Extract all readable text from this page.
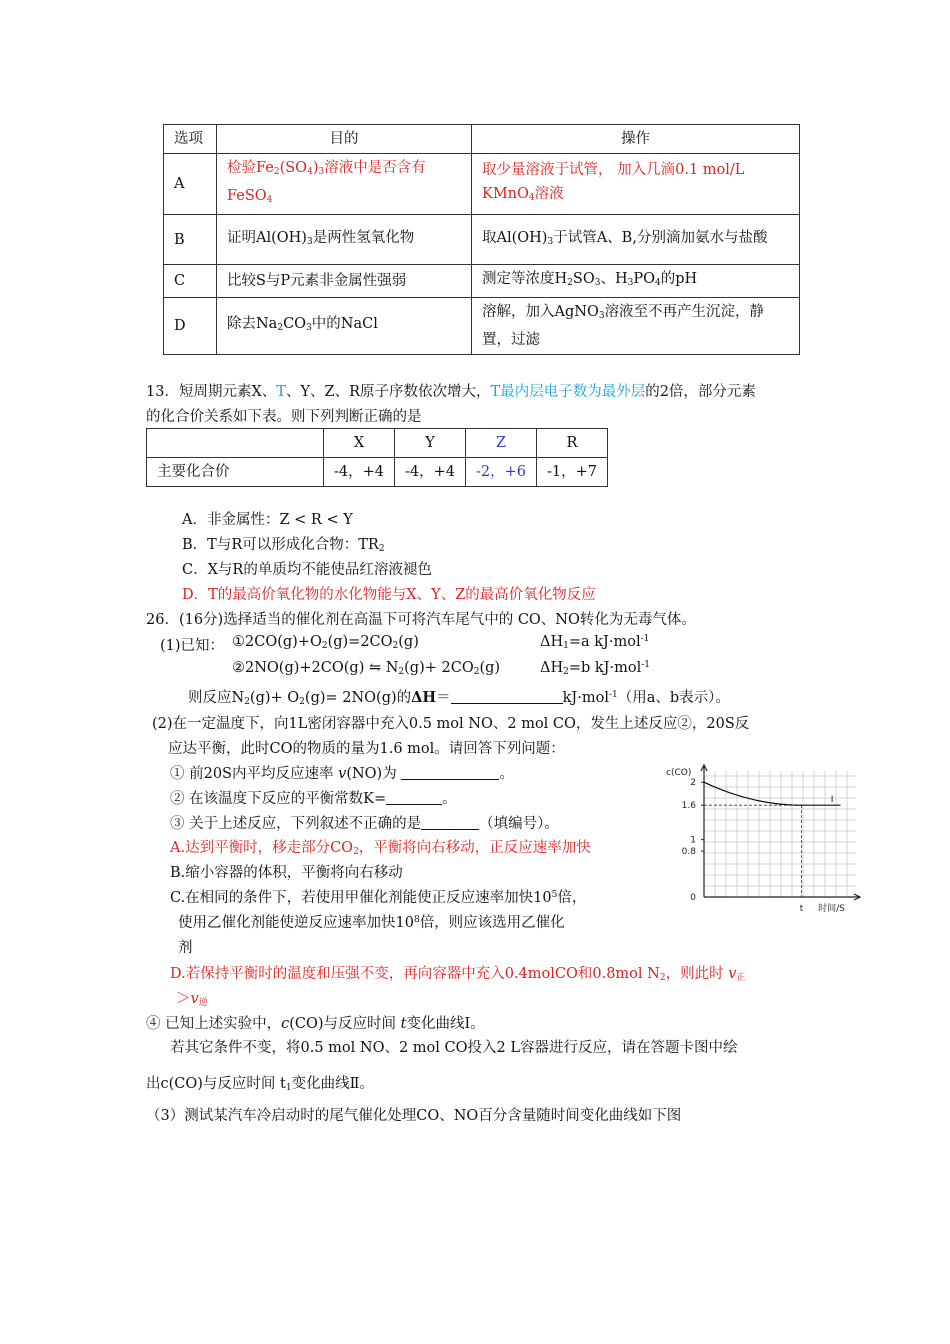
选项	目的	操作
A	检验$Fe_2(SO_4)_3$溶液中是否含有FeSO$_4$	取少量溶液于试管， 加入几滴0.1 mol/L KMnO$_4$溶液
B	证明$Al(OH)_3$是两性氢氧化物	取$Al(OH)_3$于试管A、B,分别滴加氨水与盐酸
C	比较S与P元素非金属性强弱	测定等浓度$H_2SO_3$、$H_3PO_4$的pH
D	除去$Na_2CO_3$中的NaCl	溶解，加入AgNO$_3$溶液至不再产生沉淀，静置，过滤
13．短周期元素X、T、Y、Z、R原子序数依次增大，T最内层电子数为最外层的2倍，部分元素
的化合价关系如下表。则下列判断正确的是
	X	Y	Z	R
主要化合价	-4，+4	-4，+4	-2，+6	-1，+7
A．非金属性：Z < R < Y
B．T与R可以形成化合物：$TR_2$
C．X与R的单质均不能使品红溶液褪色
D．T的最高价氧化物的水化物能与X、Y、Z的最高价氧化物反应
26．(16分)选择适当的催化剂在高温下可将汽车尾气中的 CO、NO转化为无毒气体。
(1)已知： $①2CO(g)+O_2(g)=2CO_2(g)$	$\Delta H_1=a$ kJ·mol$^{-1}$
②2NO(g)+2CO(g) ⇋ $N_2(g)+ 2CO_2(g)$	$\Delta H_2=b$ kJ·mol$^{-1}$
则反应$N_2(g)+ O_2(g)= 2NO(g)$的ΔH＝	kJ·mol$^{-1}$（用a、b表示）。
(2)在一定温度下，向1L密闭容器中充入0.5 mol NO、2 mol CO，发生上述反应②，20S反
应达平衡，此时CO的物质的量为1.6 mol。请回答下列问题：
① 前20S内平均反应速率 v(NO)为	。
② 在该温度下反应的平衡常数K=	。
③ 关于上述反应，下列叙述不正确的是	（填编号）。
A.达到平衡时，移走部分$CO_2$，平衡将向右移动，正反应速率加快
B.缩小容器的体积，平衡将向右移动
C.在相同的条件下，若使用甲催化剂能使正反应速率加快$10^5$倍，
使用乙催化剂能使逆反应速率加快$10^8$倍，则应该选用乙催化
剂
D.若保持平衡时的温度和压强不变，再向容器中充入0.4molCO和0.8mol $N_2$，则此时 $v_正$
$>v_逆$
④ 已知上述实验中，c(CO)与反应时间 t变化曲线Ⅰ。
若其它条件不变，将0.5 mol NO、2 mol CO投入2 L容器进行反应，请在答题卡图中绘
出c(CO)与反应时间 $t_1$变化曲线Ⅱ。
（3）测试某汽车冷启动时的尾气催化处理CO、NO百分含量随时间变化曲线如下图
c(CO)
2
1.6
1
0.8
0
t 时间/S
Ⅰ
